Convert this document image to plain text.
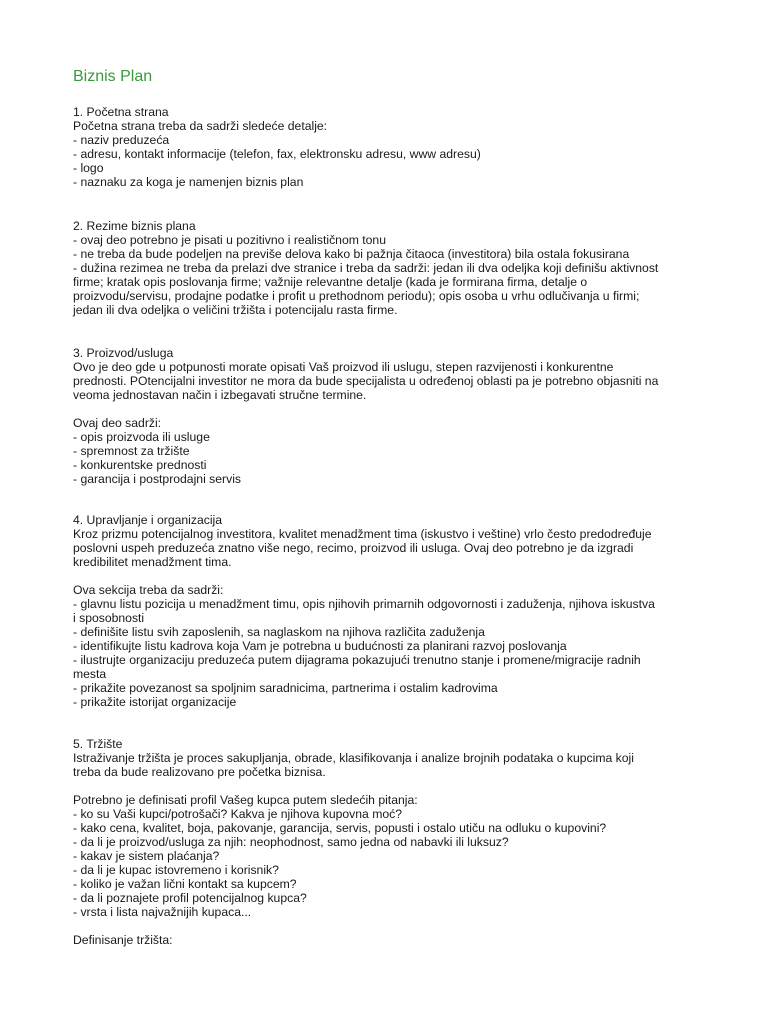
Biznis Plan
1. Početna strana
Početna strana treba da sadrži sledeće detalje:
- naziv preduzeća
- adresu, kontakt informacije (telefon, fax, elektronsku adresu, www adresu)
- logo
- naznaku za koga je namenjen biznis plan
2. Rezime biznis plana
- ovaj deo potrebno je pisati u pozitivno i realističnom tonu
- ne treba da bude podeljen na previše delova kako bi pažnja čitaoca (investitora) bila ostala fokusirana
- dužina rezimea ne treba da prelazi dve stranice i treba da sadrži: jedan ili dva odeljka koji definišu aktivnost
firme; kratak opis poslovanja firme; važnije relevantne detalje (kada je formirana firma, detalje o
proizvodu/servisu, prodajne podatke i profit u prethodnom periodu); opis osoba u vrhu odlučivanja u firmi;
jedan ili dva odeljka o veličini tržišta i potencijalu rasta firme.
3. Proizvod/usluga
Ovo je deo gde u potpunosti morate opisati Vaš proizvod ili uslugu, stepen razvijenosti i konkurentne
prednosti. POtencijalni investitor ne mora da bude specijalista u određenoj oblasti pa je potrebno objasniti na
veoma jednostavan način i izbegavati stručne termine.
Ovaj deo sadrži:
- opis proizvoda ili usluge
- spremnost za tržište
- konkurentske prednosti
- garancija i postprodajni servis
4. Upravljanje i organizacija
Kroz prizmu potencijalnog investitora, kvalitet menadžment tima (iskustvo i veštine) vrlo često predodređuje
poslovni uspeh preduzeća znatno više nego, recimo, proizvod ili usluga. Ovaj deo potrebno je da izgradi
kredibilitet menadžment tima.
Ova sekcija treba da sadrži:
- glavnu listu pozicija u menadžment timu, opis njihovih primarnih odgovornosti i zaduženja, njihova iskustva
i sposobnosti
- definišite listu svih zaposlenih, sa naglaskom na njihova različita zaduženja
- identifikujte listu kadrova koja Vam je potrebna u budućnosti za planirani razvoj poslovanja
- ilustrujte organizaciju preduzeća putem dijagrama pokazujući trenutno stanje i promene/migracije radnih
mesta
- prikažite povezanost sa spoljnim saradnicima, partnerima i ostalim kadrovima
- prikažite istorijat organizacije
5. Tržište
Istraživanje tržišta je proces sakupljanja, obrade, klasifikovanja i analize brojnih podataka o kupcima koji
treba da bude realizovano pre početka biznisa.
Potrebno je definisati profil Vašeg kupca putem sledećih pitanja:
- ko su Vaši kupci/potrošači? Kakva je njihova kupovna moć?
- kako cena, kvalitet, boja, pakovanje, garancija, servis, popusti i ostalo utiču na odluku o kupovini?
- da li je proizvod/usluga za njih: neophodnost, samo jedna od nabavki ili luksuz?
- kakav je sistem plaćanja?
- da li je kupac istovremeno i korisnik?
- koliko je važan lični kontakt sa kupcem?
- da li poznajete profil potencijalnog kupca?
- vrsta i lista najvažnijih kupaca...
Definisanje tržišta:
